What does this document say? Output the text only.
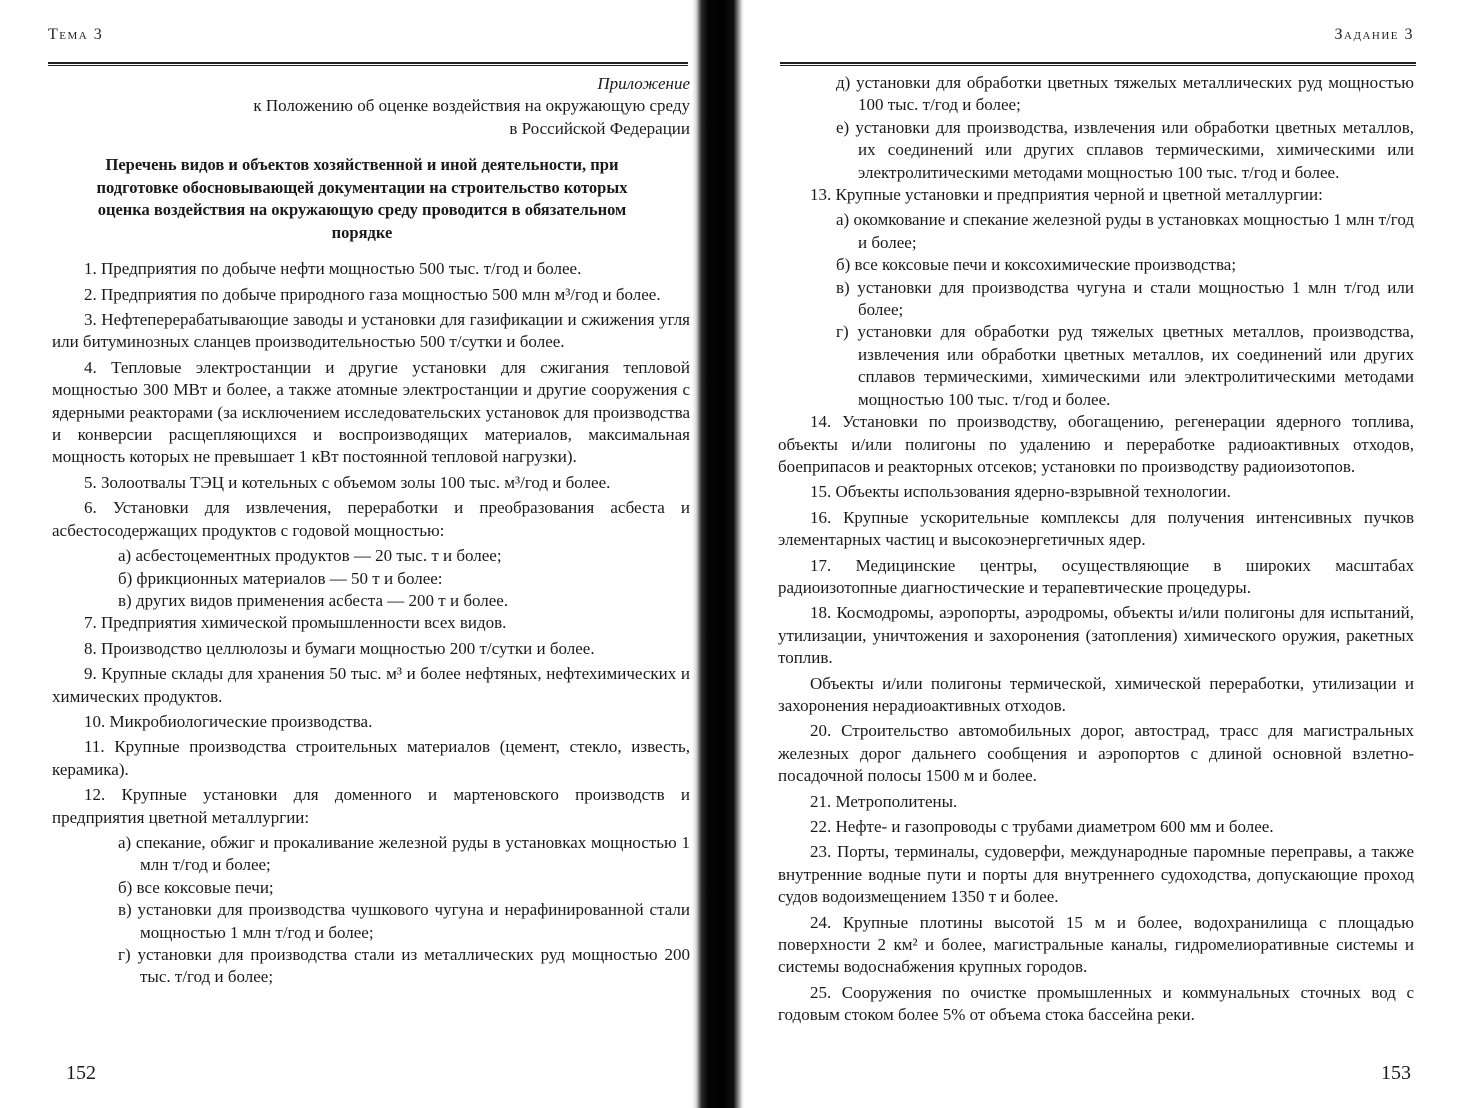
Тема 3

Приложение

к Положению об оценке воздействия на окружающую среду

в Российской Федерации

Перечень видов и объектов хозяйственной и иной деятельности, при подготовке обосновывающей документации на строительство которых оценка воздействия на окружающую среду проводится в обязательном порядке

1. Предприятия по добыче нефти мощностью 500 тыс. т/год и более.

2. Предприятия по добыче природного газа мощностью 500 млн м³/год и более.

3. Нефтеперерабатывающие заводы и установки для газификации и сжижения угля или битуминозных сланцев производительностью 500 т/сутки и более.

4. Тепловые электростанции и другие установки для сжигания тепловой мощностью 300 МВт и более, а также атомные электростанции и другие сооружения с ядерными реакторами (за исключением исследовательских установок для производства и конверсии расщепляющихся и воспроизводящих материалов, максимальная мощность которых не превышает 1 кВт постоянной тепловой нагрузки).

5. Золоотвалы ТЭЦ и котельных с объемом золы 100 тыс. м³/год и более.

6. Установки для извлечения, переработки и преобразования асбеста и асбестосодержащих продуктов с годовой мощностью:

а) асбестоцементных продуктов — 20 тыс. т и более;

б) фрикционных материалов — 50 т и более:

в) других видов применения асбеста — 200 т и более.

7. Предприятия химической промышленности всех видов.

8. Производство целлюлозы и бумаги мощностью 200 т/сутки и более.

9. Крупные склады для хранения 50 тыс. м³ и более нефтяных, нефтехимических и химических продуктов.

10. Микробиологические производства.

11. Крупные производства строительных материалов (цемент, стекло, известь, керамика).

12. Крупные установки для доменного и мартеновского производств и предприятия цветной металлургии:

а) спекание, обжиг и прокаливание железной руды в установках мощностью 1 млн т/год и более;

б) все коксовые печи;

в) установки для производства чушкового чугуна и нерафинированной стали мощностью 1 млн т/год и более;

г) установки для производства стали из металлических руд мощностью 200 тыс. т/год и более;

152
Задание 3

д) установки для обработки цветных тяжелых металлических руд мощностью 100 тыс. т/год и более;

е) установки для производства, извлечения или обработки цветных металлов, их соединений или других сплавов термическими, химическими или электролитическими методами мощностью 100 тыс. т/год и более.

13. Крупные установки и предприятия черной и цветной металлургии:

а) окомкование и спекание железной руды в установках мощностью 1 млн т/год и более;

б) все коксовые печи и коксохимические производства;

в) установки для производства чугуна и стали мощностью 1 млн т/год или более;

г) установки для обработки руд тяжелых цветных металлов, производства, извлечения или обработки цветных металлов, их соединений или других сплавов термическими, химическими или электролитическими методами мощностью 100 тыс. т/год и более.

14. Установки по производству, обогащению, регенерации ядерного топлива, объекты и/или полигоны по удалению и переработке радиоактивных отходов, боеприпасов и реакторных отсеков; установки по производству радиоизотопов.

15. Объекты использования ядерно-взрывной технологии.

16. Крупные ускорительные комплексы для получения интенсивных пучков элементарных частиц и высокоэнергетичных ядер.

17. Медицинские центры, осуществляющие в широких масштабах радиоизотопные диагностические и терапевтические процедуры.

18. Космодромы, аэропорты, аэродромы, объекты и/или полигоны для испытаний, утилизации, уничтожения и захоронения (затопления) химического оружия, ракетных топлив.

Объекты и/или полигоны термической, химической переработки, утилизации и захоронения нерадиоактивных отходов.

20. Строительство автомобильных дорог, автострад, трасс для магистральных железных дорог дальнего сообщения и аэропортов с длиной основной взлетно-посадочной полосы 1500 м и более.

21. Метрополитены.

22. Нефте- и газопроводы с трубами диаметром 600 мм и более.

23. Порты, терминалы, судоверфи, международные паромные переправы, а также внутренние водные пути и порты для внутреннего судоходства, допускающие проход судов водоизмещением 1350 т и более.

24. Крупные плотины высотой 15 м и более, водохранилища с площадью поверхности 2 км² и более, магистральные каналы, гидромелиоративные системы и системы водоснабжения крупных городов.

25. Сооружения по очистке промышленных и коммунальных сточных вод с годовым стоком более 5% от объема стока бассейна реки.

153
